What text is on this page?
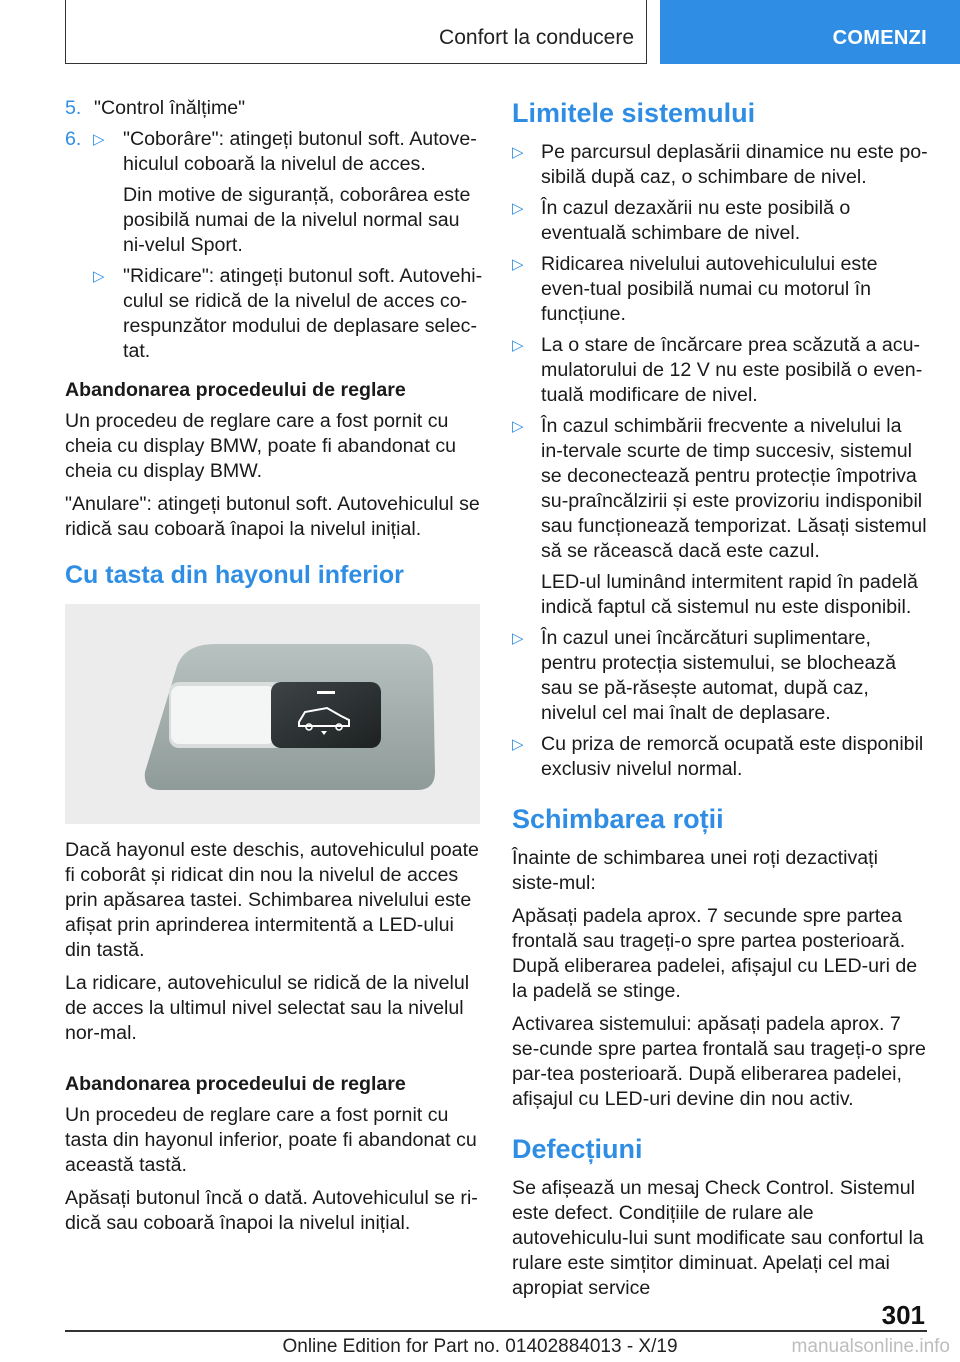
Confort la conducere	COMENZI
5. "Control înălțime"
6. ▷ "Coborâre": atingeți butonul soft. Autove-hiculul coboară la nivelul de acces.
Din motive de siguranță, coborârea este posibilă numai de la nivelul normal sau ni-velul Sport.
▷ "Ridicare": atingeți butonul soft. Autovehi-culul se ridică de la nivelul de acces co-respunzător modului de deplasare selec-tat.
Abandonarea procedeului de reglare

Un procedeu de reglare care a fost pornit cu cheia cu display BMW, poate fi abandonat cu cheia cu display BMW.

"Anulare": atingeți butonul soft. Autovehiculul se ridică sau coboară înapoi la nivelul inițial.

Cu tasta din hayonul inferior

Dacă hayonul este deschis, autovehiculul poate fi coborât și ridicat din nou la nivelul de acces prin apăsarea tastei. Schimbarea nivelului este afișat prin aprinderea intermitentă a LED-ului din tastă.

La ridicare, autovehiculul se ridică de la nivelul de acces la ultimul nivel selectat sau la nivelul nor-mal.

Abandonarea procedeului de reglare

Un procedeu de reglare care a fost pornit cu tasta din hayonul inferior, poate fi abandonat cu această tastă.

Apăsați butonul încă o dată. Autovehiculul se ri-dică sau coboară înapoi la nivelul inițial.

Limitele sistemului
▷ Pe parcursul deplasării dinamice nu este po-sibilă după caz, o schimbare de nivel.
▷ În cazul dezaxării nu este posibilă o eventuală schimbare de nivel.
▷ Ridicarea nivelului autovehiculului este even-tual posibilă numai cu motorul în funcțiune.
▷ La o stare de încărcare prea scăzută a acu-mulatorului de 12 V nu este posibilă o even-tuală modificare de nivel.
▷ În cazul schimbării frecvente a nivelului la in-tervale scurte de timp succesiv, sistemul se deconectează pentru protecție împotriva su-praîncălzirii și este provizoriu indisponibil sau funcționează temporizat. Lăsați sistemul să se răcească dacă este cazul.
LED-ul luminând intermitent rapid în padelă indică faptul că sistemul nu este disponibil.
▷ În cazul unei încărcături suplimentare, pentru protecția sistemului, se blochează sau se pă-răsește automat, după caz, nivelul cel mai înalt de deplasare.
▷ Cu priza de remorcă ocupată este disponibil exclusiv nivelul normal.
Schimbarea roții

Înainte de schimbarea unei roți dezactivați siste-mul:

Apăsați padela aprox. 7 secunde spre partea frontală sau trageți-o spre partea posterioară. După eliberarea padelei, afișajul cu LED-uri de la padelă se stinge.

Activarea sistemului: apăsați padela aprox. 7 se-cunde spre partea frontală sau trageți-o spre par-tea posterioară. După eliberarea padelei, afișajul cu LED-uri devine din nou activ.

Defecțiuni

Se afișează un mesaj Check Control. Sistemul este defect. Condițiile de rulare ale autovehiculu-lui sunt modificate sau confortul la rulare este simțitor diminuat. Apelați cel mai apropiat service

301
Online Edition for Part no. 01402884013 - X/19	manualsonline.info
